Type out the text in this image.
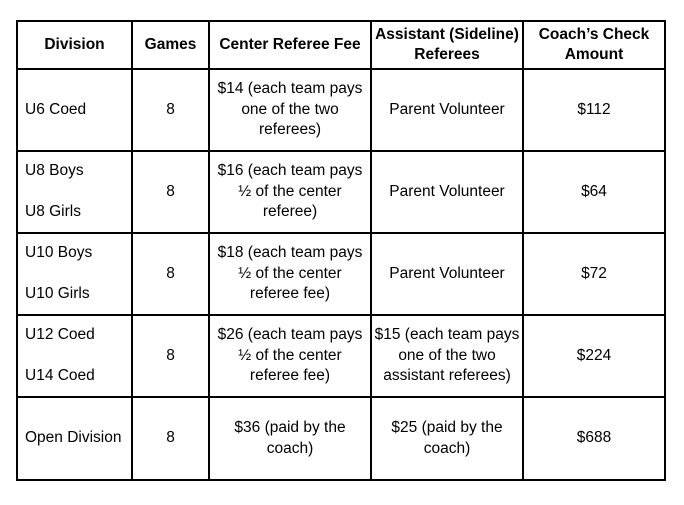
Division	Games	Center Referee Fee	Assistant (Sideline)
Referees	Coach’s Check
Amount

U6 Coed	8	$14 (each team pays
one of the two
referees)	Parent Volunteer	$112

U8 Boys
U8 Girls	8	$16 (each team pays
½ of the center
referee)	Parent Volunteer	$64

U10 Boys
U10 Girls	8	$18 (each team pays
½ of the center
referee fee)	Parent Volunteer	$72

U12 Coed
U14 Coed	8	$26 (each team pays
½ of the center
referee fee)	$15 (each team pays
one of the two
assistant referees)	$224

Open Division	8	$36 (paid by the
coach)	$25 (paid by the
coach)	$688
